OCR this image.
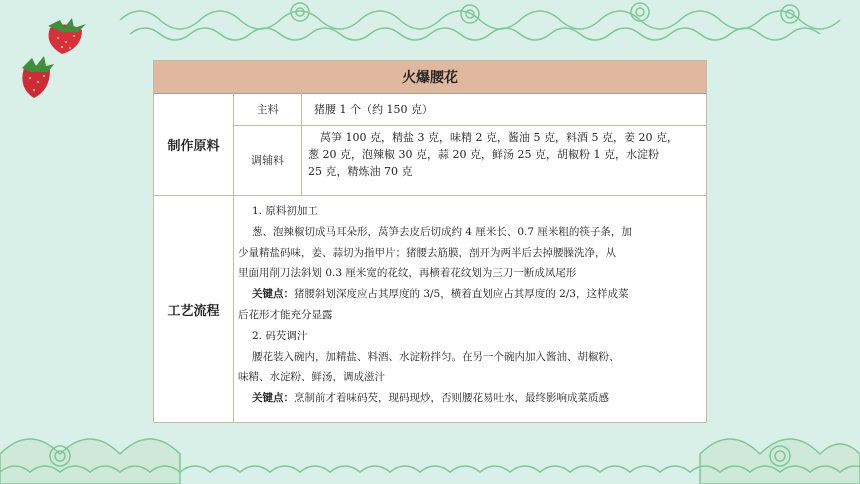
火爆腰花
制作原料
工艺流程
主料	猪腰 1 个（约 150 克）
调辅料
莴笋 100 克，精盐 3 克，味精 2 克，酱油 5 克，料酒 5 克，姜 20 克，
葱 20 克，泡辣椒 30 克，蒜 20 克，鲜汤 25 克，胡椒粉 1 克，水淀粉
25 克，精炼油 70 克

1. 原料初加工

葱、泡辣椒切成马耳朵形，莴笋去皮后切成约 4 厘米长、0.7 厘米粗的筷子条，加

少量精盐码味，姜、蒜切为指甲片；猪腰去筋膜，剖开为两半后去掉腰臊洗净，从

里面用削刀法斜划 0.3 厘米宽的花纹，再横着花纹划为三刀一断成凤尾形

关键点：猪腰斜划深度应占其厚度的 3/5，横着直划应占其厚度的 2/3，这样成菜

后花形才能充分显露

2. 码芡调汁

腰花装入碗内，加精盐、料酒、水淀粉拌匀。在另一个碗内加入酱油、胡椒粉、

味精、水淀粉、鲜汤，调成滋汁

关键点：烹制前才着味码芡，现码现炒，否则腰花易吐水，最终影响成菜质感
